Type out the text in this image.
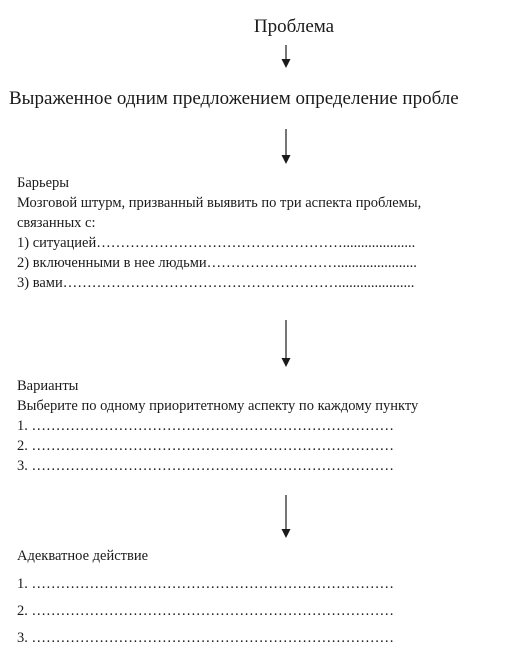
Проблема
Выраженное одним предложением определение пробле
Барьеры
Мозговой штурм, призванный выявить по три аспекта проблемы,
связанных с:
1) ситуацией……………………………………………....................
2) включенными в нее людьми………………………......................
3) вами………………………………………………….....................
Варианты
Выберите по одному приоритетному аспекту по каждому пункту
1. …………………………………………………………………
2. …………………………………………………………………
3. …………………………………………………………………
Адекватное действие
1. …………………………………………………………………
2. …………………………………………………………………
3. …………………………………………………………………
